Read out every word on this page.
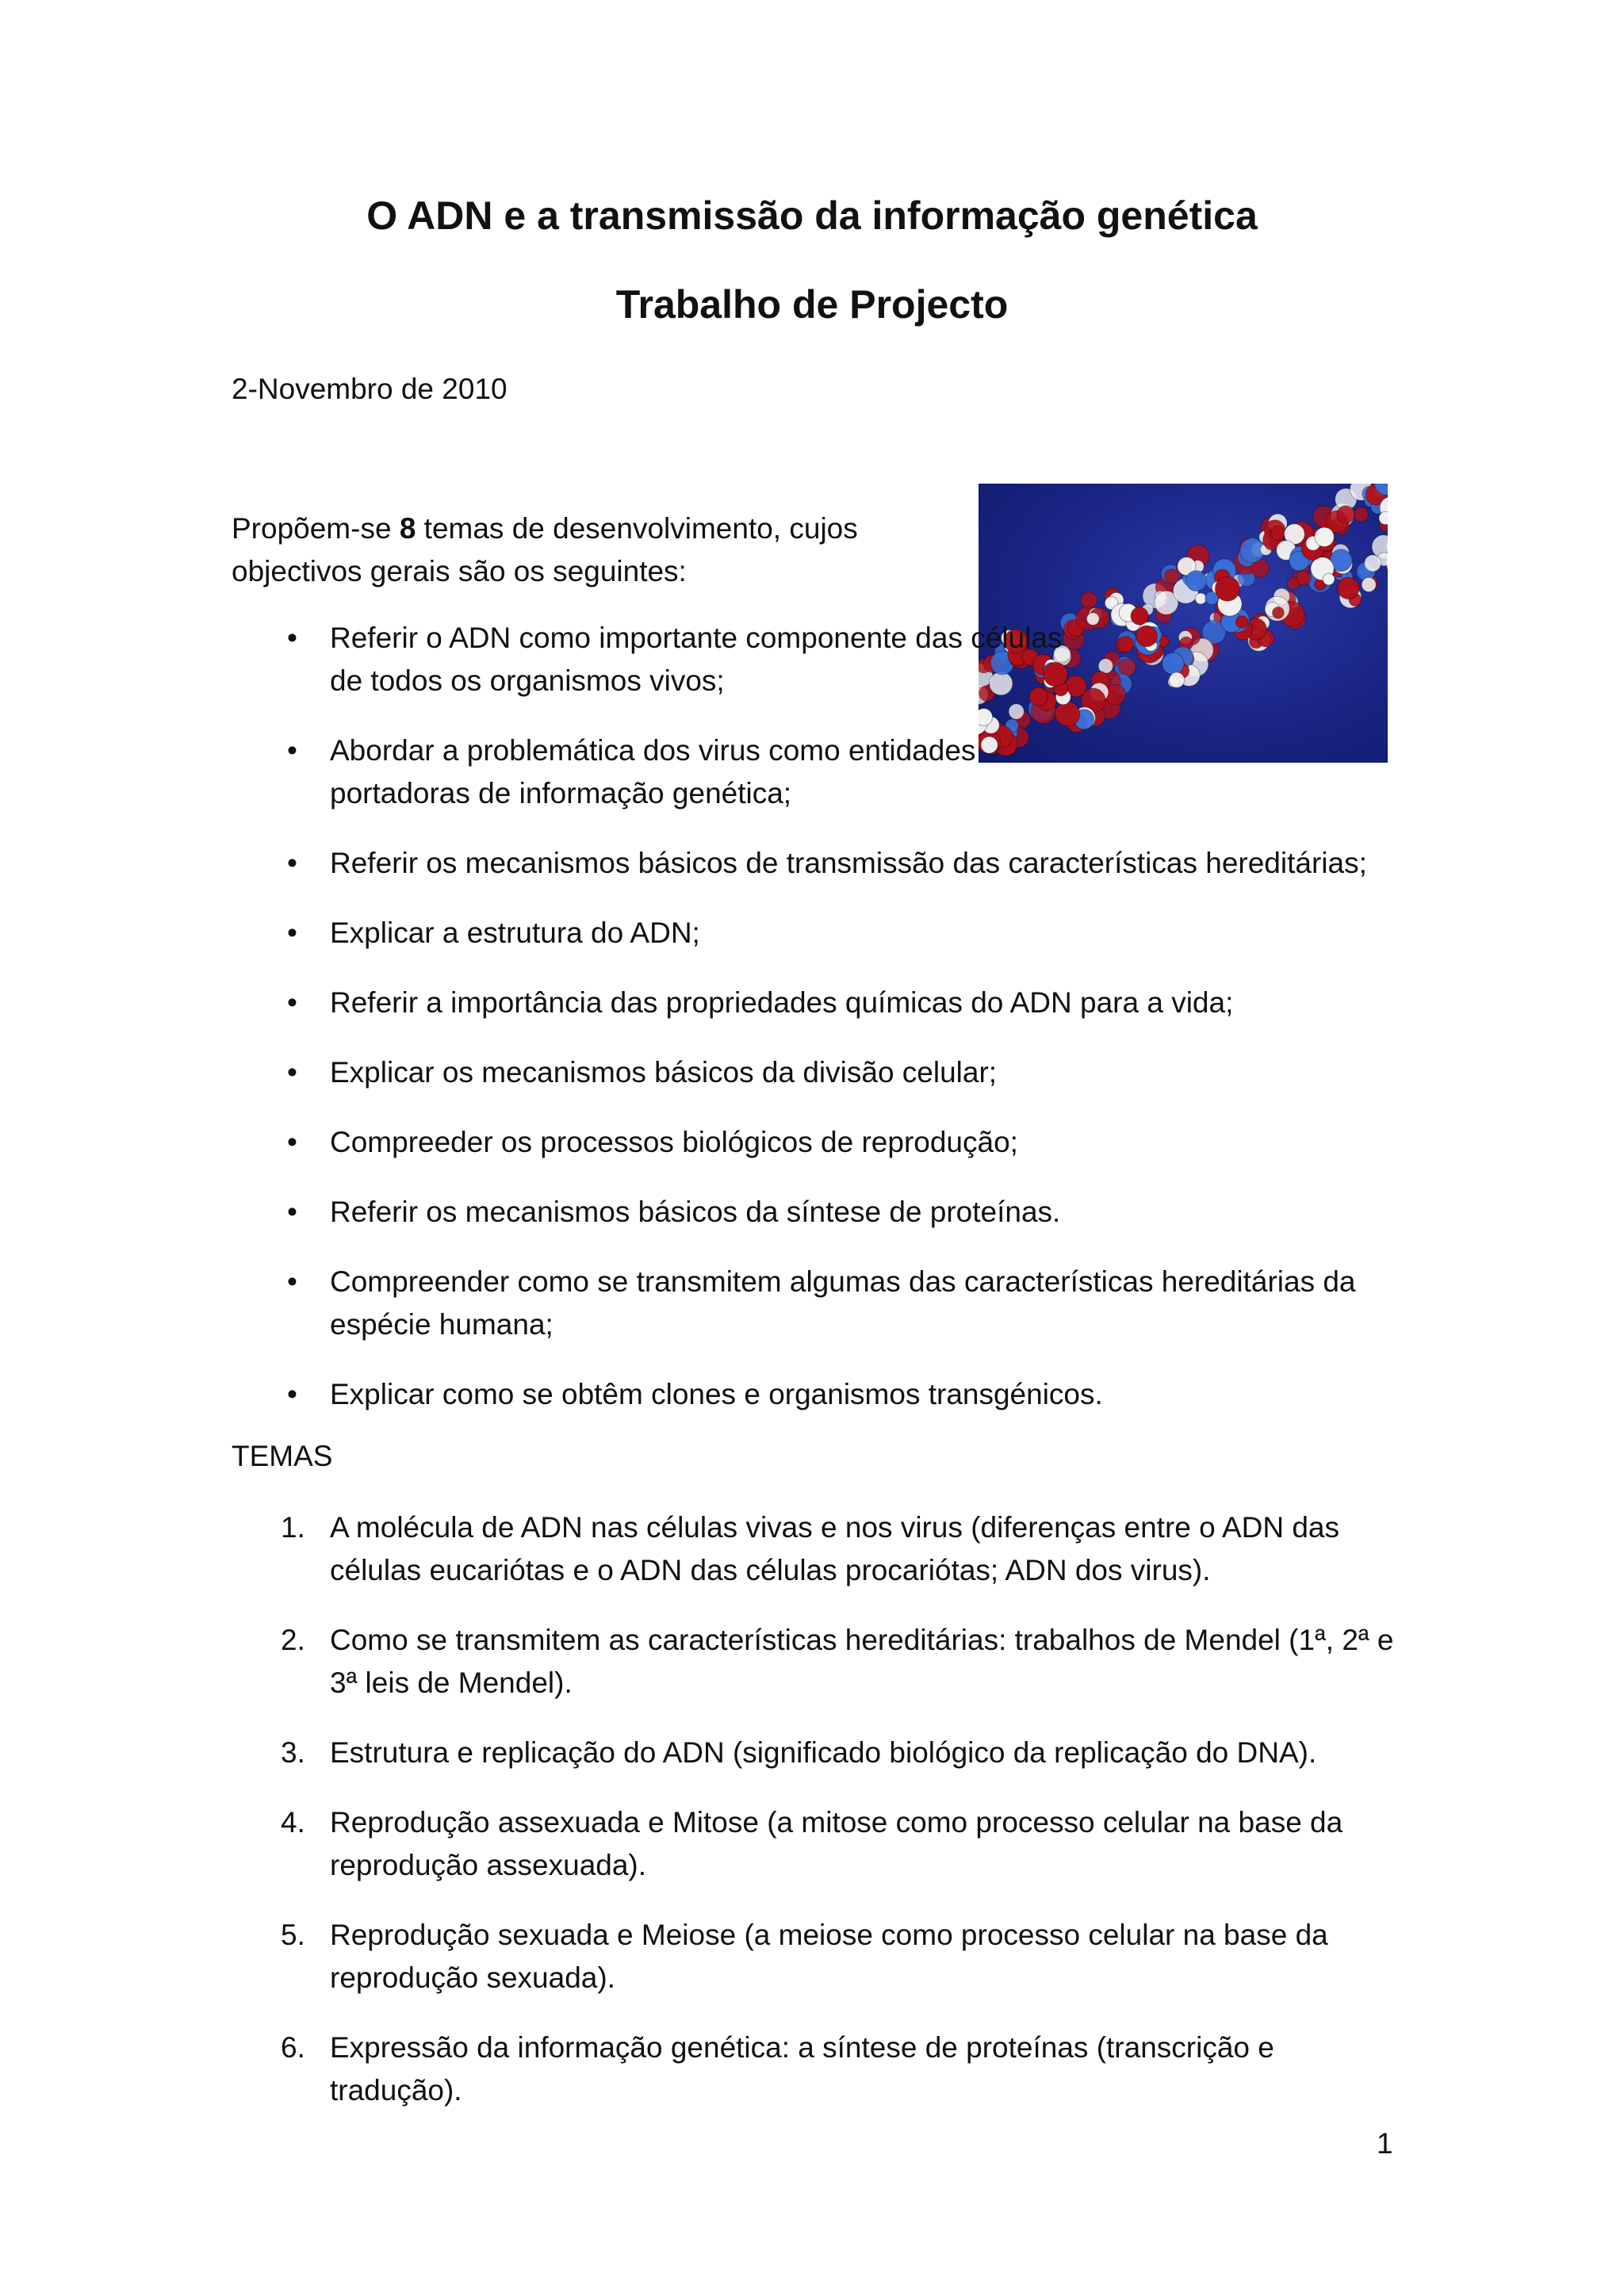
O ADN e a transmissão da informação genética
Trabalho de Projecto
2-Novembro de 2010
Propõem-se 8 temas de desenvolvimento, cujos objectivos gerais são os seguintes:
• Referir o ADN como importante componente das células de todos os organismos vivos;
• Abordar a problemática dos virus como entidades portadoras de informação genética;
• Referir os mecanismos básicos de transmissão das características hereditárias;
• Explicar a estrutura do ADN;
• Referir a importância das propriedades químicas do ADN para a vida;
• Explicar os mecanismos básicos da divisão celular;
• Compreeder os processos biológicos de reprodução;
• Referir os mecanismos básicos da síntese de proteínas.
• Compreender como se transmitem algumas das características hereditárias da espécie humana;
• Explicar como se obtêm clones e organismos transgénicos.
TEMAS
1. A molécula de ADN nas células vivas e nos virus (diferenças entre o ADN das células eucariótas e o ADN das células procariótas; ADN dos virus).
2. Como se transmitem as características hereditárias: trabalhos de Mendel (1ª, 2ª e 3ª leis de Mendel).
3. Estrutura e replicação do ADN (significado biológico da replicação do DNA).
4. Reprodução assexuada e Mitose (a mitose como processo celular na base da reprodução assexuada).
5. Reprodução sexuada e Meiose (a meiose como processo celular na base da reprodução sexuada).
6. Expressão da informação genética: a síntese de proteínas (transcrição e tradução).
1
